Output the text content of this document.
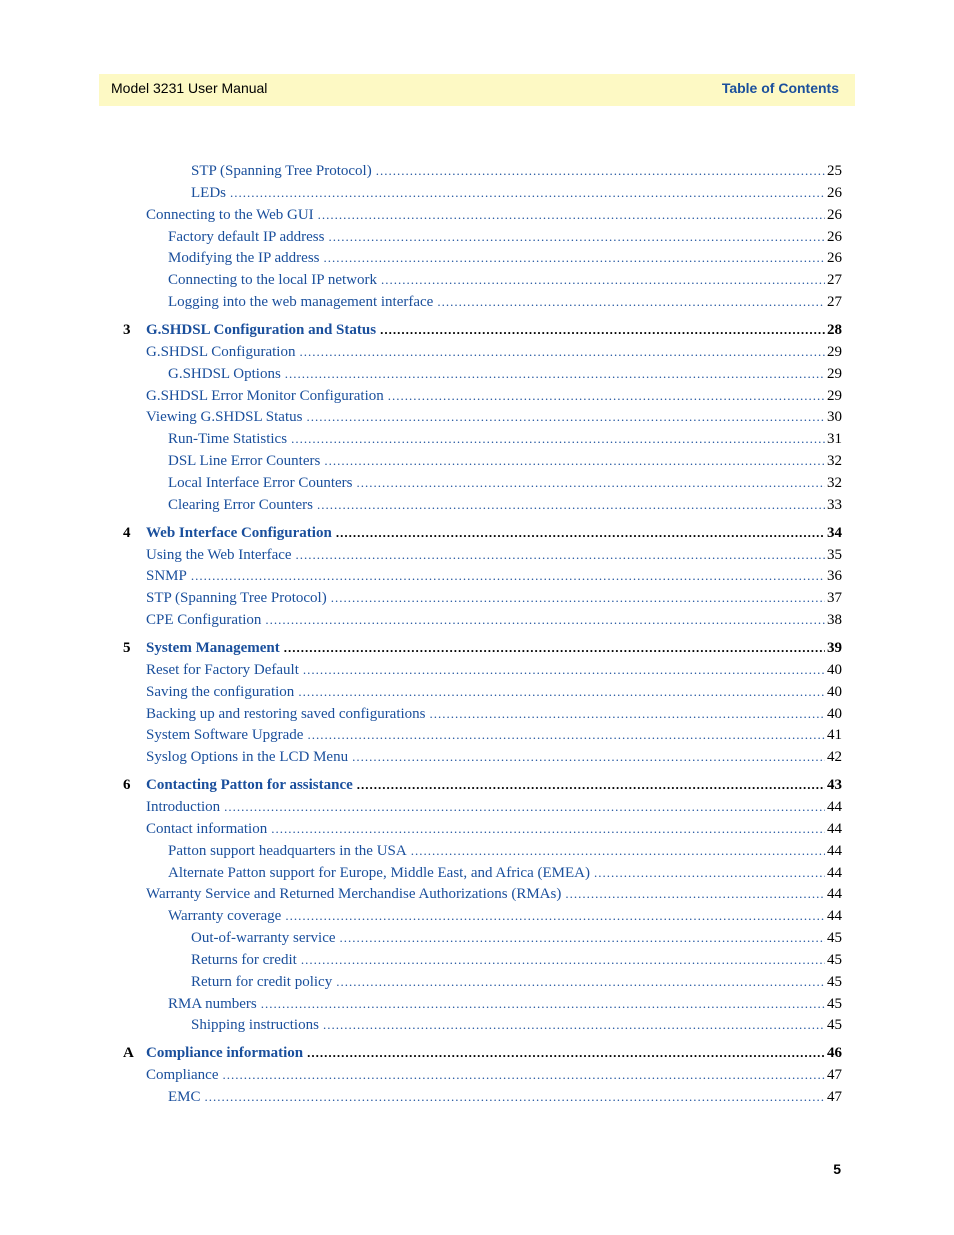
Model 3231 User Manual	Table of Contents
STP (Spanning Tree Protocol) .....	25
LEDs .....	26
Connecting to the Web GUI .....	26
Factory default IP address .....	26
Modifying the IP address .....	26
Connecting to the local IP network .....	27
Logging into the web management interface .....	27
3	G.SHDSL Configuration and Status .....	28
G.SHDSL Configuration .....	29
G.SHDSL Options .....	29
G.SHDSL Error Monitor Configuration .....	29
Viewing G.SHDSL Status .....	30
Run-Time Statistics .....	31
DSL Line Error Counters .....	32
Local Interface Error Counters .....	32
Clearing Error Counters .....	33
4	Web Interface Configuration .....	34
Using the Web Interface .....	35
SNMP .....	36
STP (Spanning Tree Protocol) .....	37
CPE Configuration .....	38
5	System Management .....	39
Reset for Factory Default .....	40
Saving the configuration .....	40
Backing up and restoring saved configurations .....	40
System Software Upgrade .....	41
Syslog Options in the LCD Menu .....	42
6	Contacting Patton for assistance .....	43
Introduction .....	44
Contact information .....	44
Patton support headquarters in the USA .....	44
Alternate Patton support for Europe, Middle East, and Africa (EMEA) .....	44
Warranty Service and Returned Merchandise Authorizations (RMAs) .....	44
Warranty coverage .....	44
Out-of-warranty service .....	45
Returns for credit .....	45
Return for credit policy .....	45
RMA numbers .....	45
Shipping instructions .....	45
A Compliance information .....	46
Compliance .....	47
EMC .....	47
5
